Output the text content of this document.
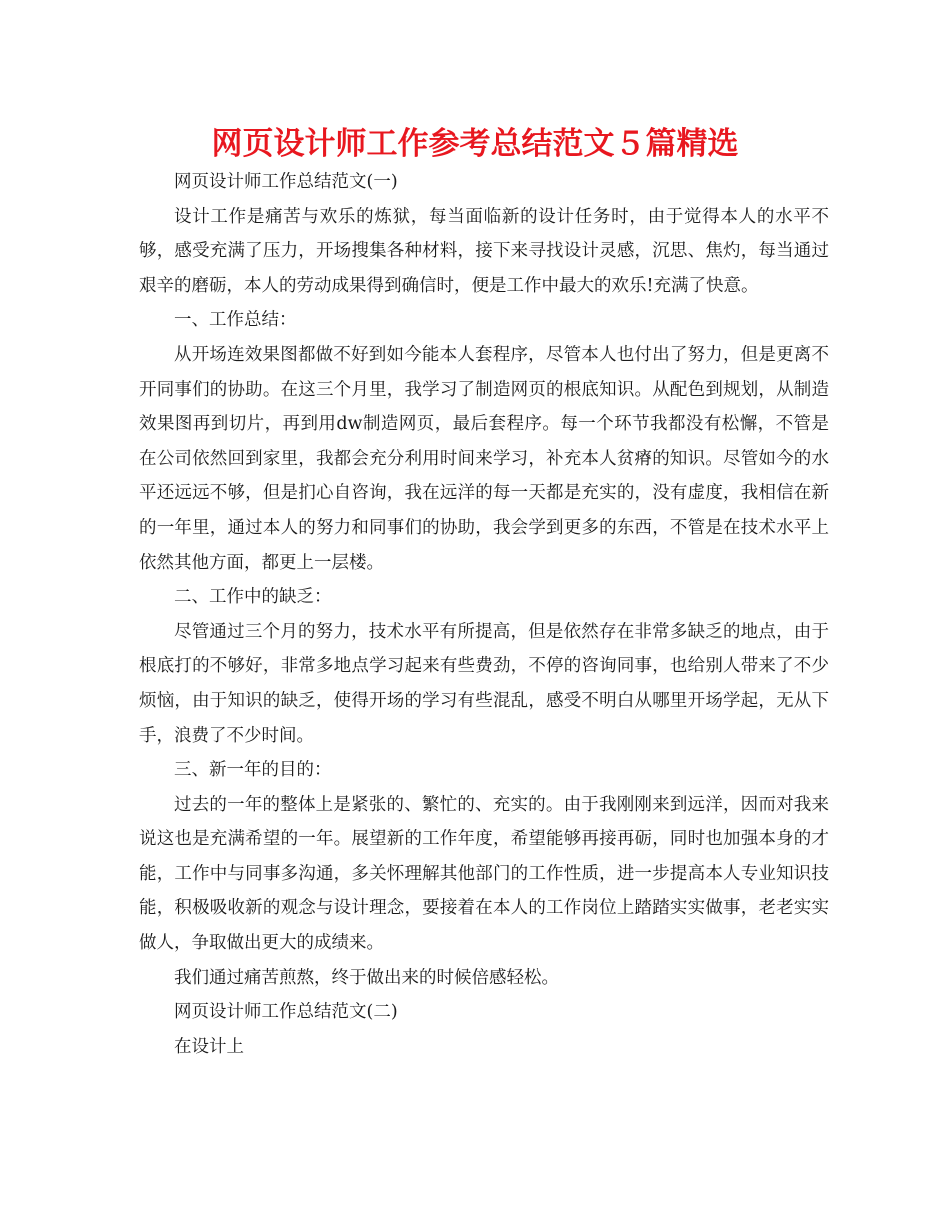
网页设计师工作参考总结范文５篇精选

网页设计师工作总结范文(一)

设计工作是痛苦与欢乐的炼狱，每当面临新的设计任务时，由于觉得本人的水平不够，感受充满了压力，开场搜集各种材料，接下来寻找设计灵感，沉思、焦灼，每当通过艰辛的磨砺，本人的劳动成果得到确信时，便是工作中最大的欢乐!充满了快意。

一、工作总结：

从开场连效果图都做不好到如今能本人套程序，尽管本人也付出了努力，但是更离不开同事们的协助。在这三个月里，我学习了制造网页的根底知识。从配色到规划，从制造效果图再到切片，再到用dw制造网页，最后套程序。每一个环节我都没有松懈，不管是在公司依然回到家里，我都会充分利用时间来学习，补充本人贫瘠的知识。尽管如今的水平还远远不够，但是扪心自咨询，我在远洋的每一天都是充实的，没有虚度，我相信在新的一年里，通过本人的努力和同事们的协助，我会学到更多的东西，不管是在技术水平上依然其他方面，都更上一层楼。

二、工作中的缺乏：

尽管通过三个月的努力，技术水平有所提高，但是依然存在非常多缺乏的地点，由于根底打的不够好，非常多地点学习起来有些费劲，不停的咨询同事，也给别人带来了不少烦恼，由于知识的缺乏，使得开场的学习有些混乱，感受不明白从哪里开场学起，无从下手，浪费了不少时间。

三、新一年的目的：

过去的一年的整体上是紧张的、繁忙的、充实的。由于我刚刚来到远洋，因而对我来说这也是充满希望的一年。展望新的工作年度，希望能够再接再砺，同时也加强本身的才能，工作中与同事多沟通，多关怀理解其他部门的工作性质，进一步提高本人专业知识技能，积极吸收新的观念与设计理念，要接着在本人的工作岗位上踏踏实实做事，老老实实做人，争取做出更大的成绩来。

我们通过痛苦煎熬，终于做出来的时候倍感轻松。

网页设计师工作总结范文(二)

在设计上
